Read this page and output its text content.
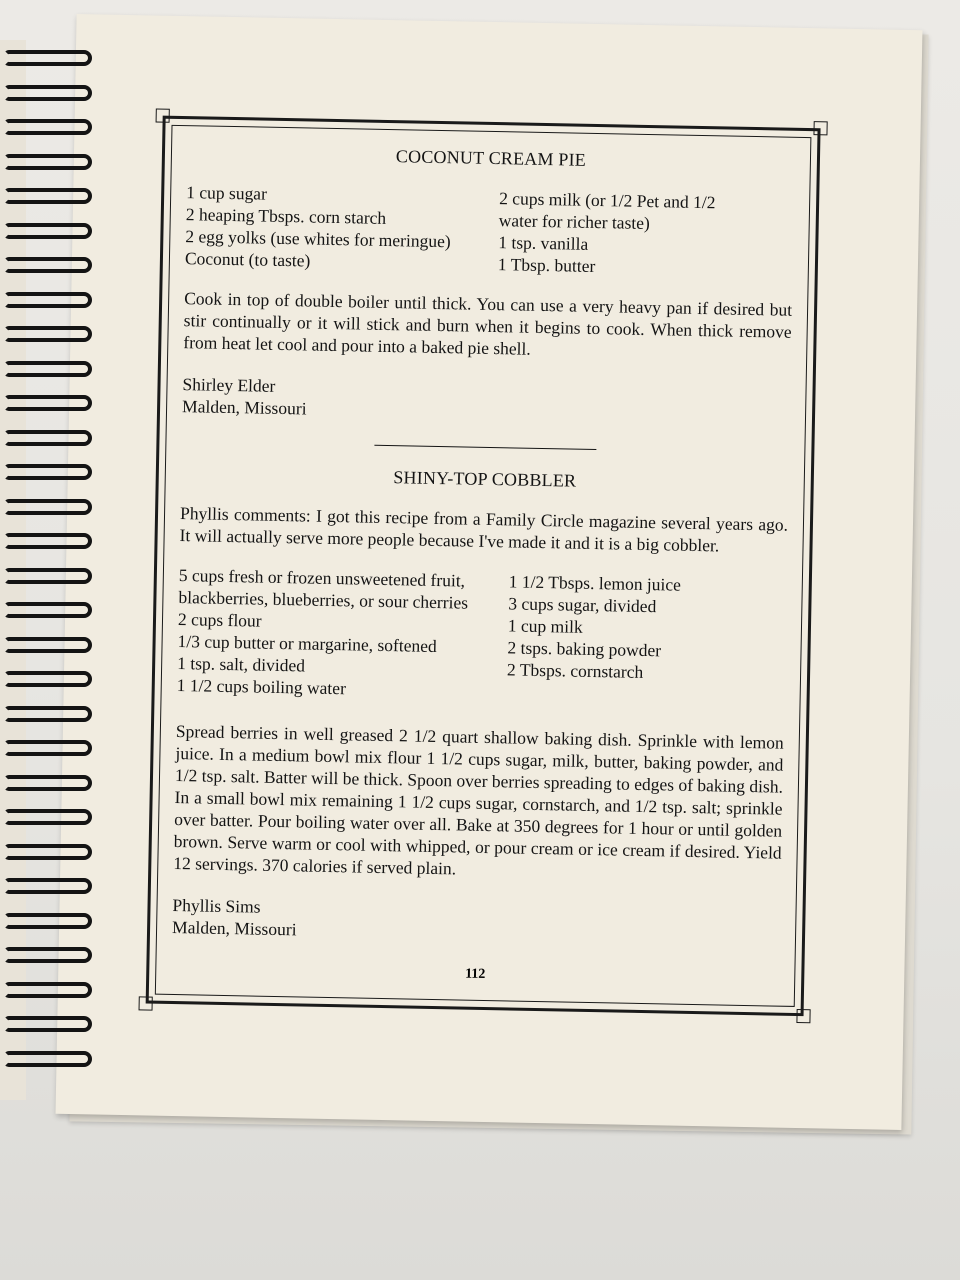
COCONUT CREAM PIE
1 cup sugar
2 heaping Tbsps. corn starch
2 egg yolks (use whites for meringue)
Coconut (to taste)
2 cups milk (or 1/2 Pet and 1/2
water for richer taste)
1 tsp. vanilla
1 Tbsp. butter

Cook in top of double boiler until thick. You can use a very heavy pan if desired but stir continually or it will stick and burn when it begins to cook. When thick remove from heat let cool and pour into a baked pie shell.

Shirley Elder
Malden, Missouri
SHINY-TOP COBBLER

Phyllis comments: I got this recipe from a Family Circle magazine several years ago. It will actually serve more people because I've made it and it is a big cobbler.

5 cups fresh or frozen unsweetened fruit,
blackberries, blueberries, or sour cherries
2 cups flour
1/3 cup butter or margarine, softened
1 tsp. salt, divided
1 1/2 cups boiling water
1 1/2 Tbsps. lemon juice
3 cups sugar, divided
1 cup milk
2 tsps. baking powder
2 Tbsps. cornstarch

Spread berries in well greased 2 1/2 quart shallow baking dish. Sprinkle with lemon juice. In a medium bowl mix flour 1 1/2 cups sugar, milk, butter, baking powder, and 1/2 tsp. salt. Batter will be thick. Spoon over berries spreading to edges of baking dish. In a small bowl mix remaining 1 1/2 cups sugar, cornstarch, and 1/2 tsp. salt; sprinkle over batter. Pour boiling water over all. Bake at 350 degrees for 1 hour or until golden brown. Serve warm or cool with whipped, or pour cream or ice cream if desired. Yield 12 servings. 370 calories if served plain.

Phyllis Sims
Malden, Missouri
112
